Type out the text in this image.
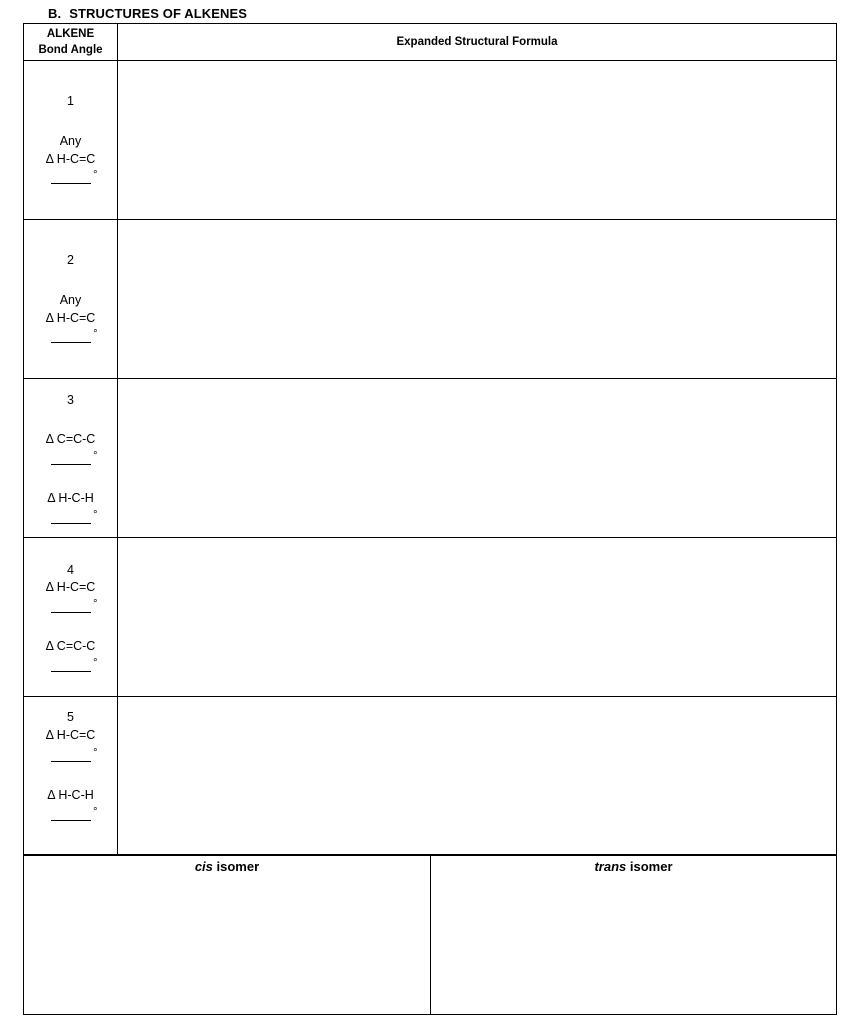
B. STRUCTURES OF ALKENES
ALKENE
Bond Angle	Expanded Structural Formula

1
Any
Δ H-C=C
°	

2
Any
Δ H-C=C
°	

3
Δ C=C-C
°
Δ H-C-H
°	

4
Δ H-C=C
°
Δ C=C-C
°	

5
Δ H-C=C
°
Δ H-C-H
°	

cis isomer	trans isomer
